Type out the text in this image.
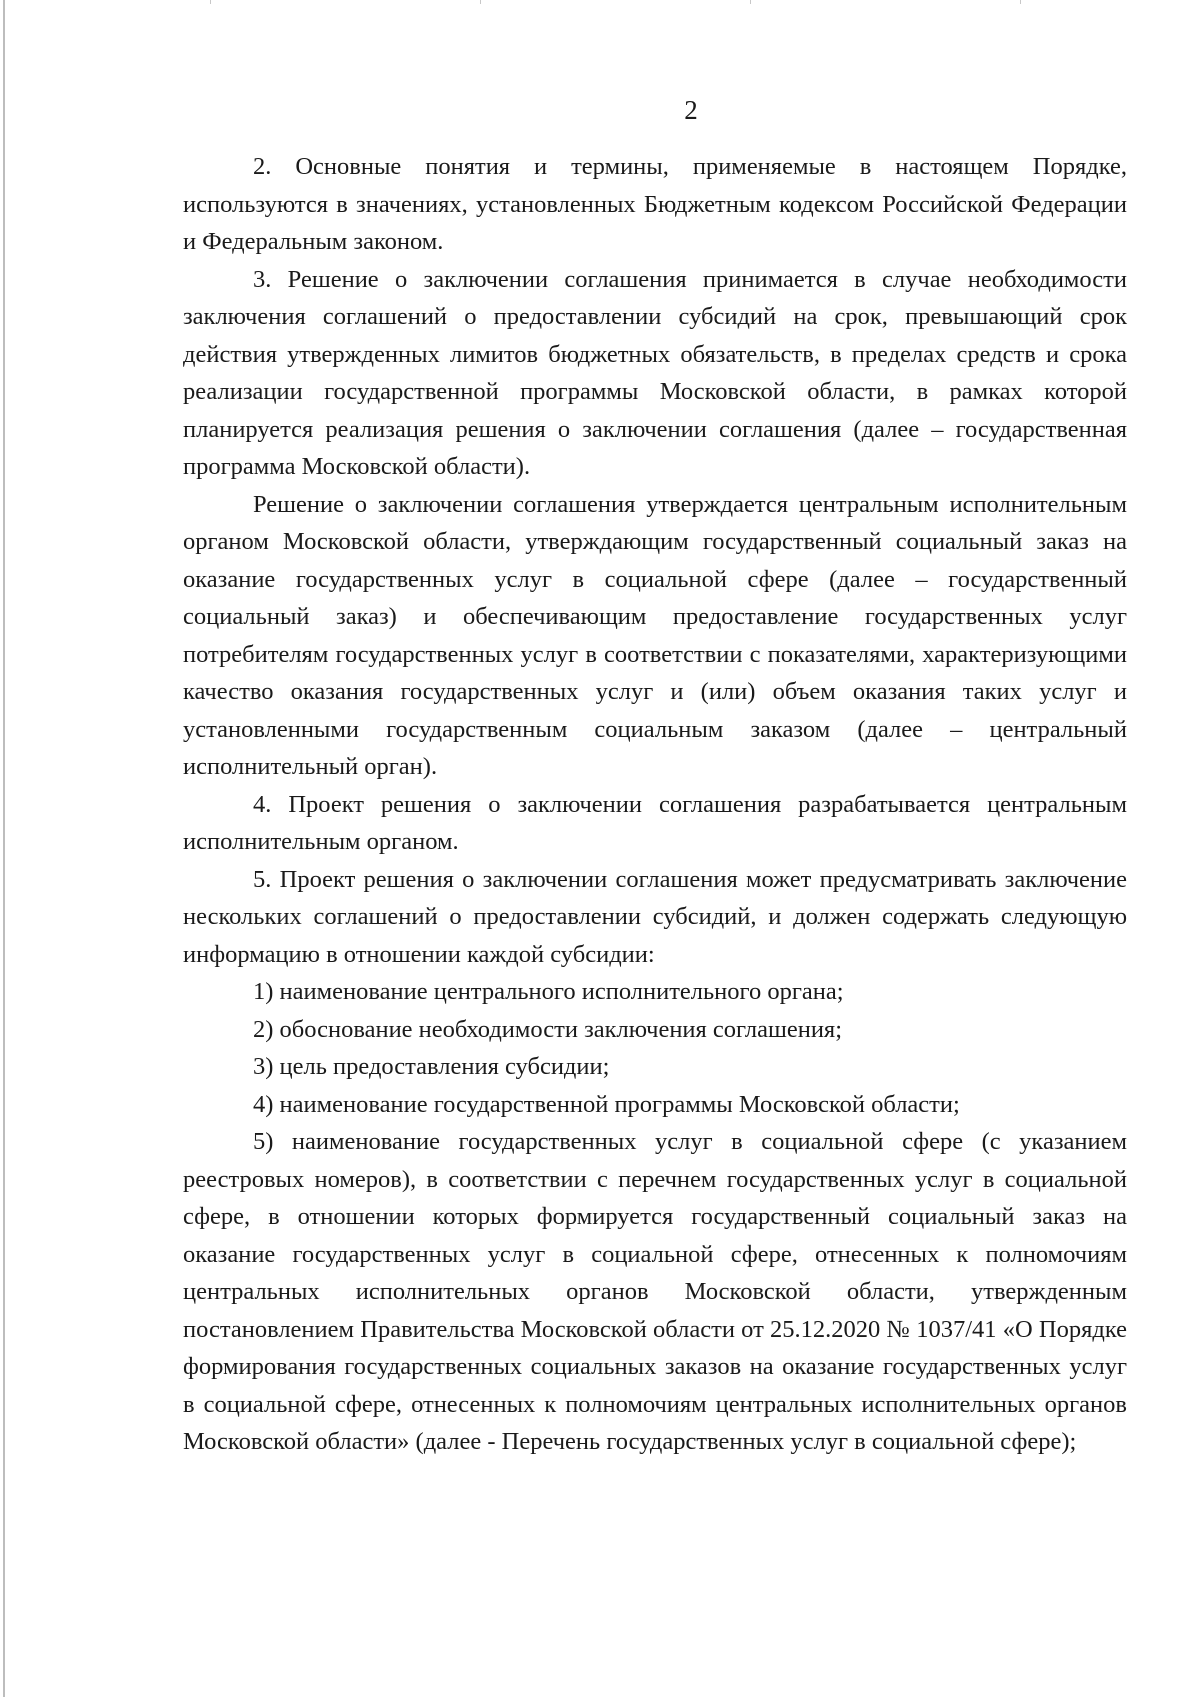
2

2. Основные понятия и термины, применяемые в настоящем Порядке, используются в значениях, установленных Бюджетным кодексом Российской Федерации и Федеральным законом.

3. Решение о заключении соглашения принимается в случае необходимости заключения соглашений о предоставлении субсидий на срок, превышающий срок действия утвержденных лимитов бюджетных обязательств, в пределах средств и срока реализации государственной программы Московской области, в рамках которой планируется реализация решения о заключении соглашения (далее – государственная программа Московской области).

Решение о заключении соглашения утверждается центральным исполнительным органом Московской области, утверждающим государственный социальный заказ на оказание государственных услуг в социальной сфере (далее – государственный социальный заказ) и обеспечивающим предоставление государственных услуг потребителям государственных услуг в соответствии с показателями, характеризующими качество оказания государственных услуг и (или) объем оказания таких услуг и установленными государственным социальным заказом (далее – центральный исполнительный орган).

4. Проект решения о заключении соглашения разрабатывается центральным исполнительным органом.

5. Проект решения о заключении соглашения может предусматривать заключение нескольких соглашений о предоставлении субсидий, и должен содержать следующую информацию в отношении каждой субсидии:

1) наименование центрального исполнительного органа;

2) обоснование необходимости заключения соглашения;

3) цель предоставления субсидии;

4) наименование государственной программы Московской области;

5) наименование государственных услуг в социальной сфере (с указанием реестровых номеров), в соответствии с перечнем государственных услуг в социальной сфере, в отношении которых формируется государственный социальный заказ на оказание государственных услуг в социальной сфере, отнесенных к полномочиям центральных исполнительных органов Московской области, утвержденным постановлением Правительства Московской области от 25.12.2020 № 1037/41 «О Порядке формирования государственных социальных заказов на оказание государственных услуг в социальной сфере, отнесенных к полномочиям центральных исполнительных органов Московской области» (далее - Перечень государственных услуг в социальной сфере);
